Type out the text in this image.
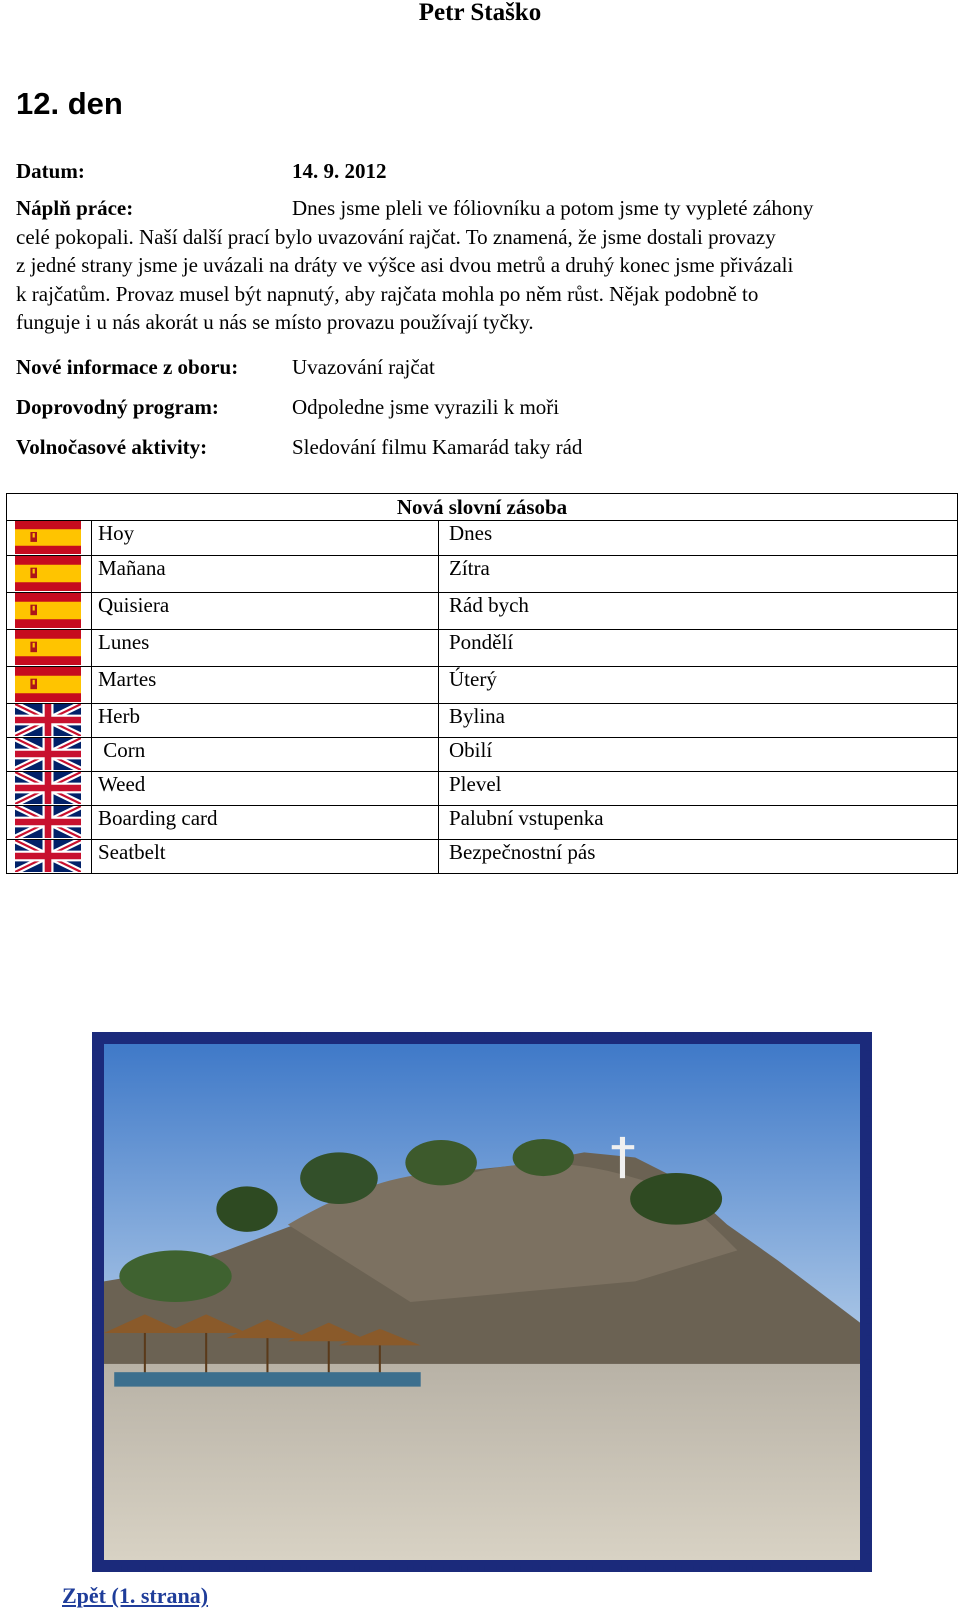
Petr Staško
12. den
Datum:	14. 9. 2012
Náplň práce:	Dnes jsme pleli ve fóliovníku a potom jsme ty vypleté záhony
celé pokopali. Naší další prací bylo uvazování rajčat. To znamená, že jsme dostali provazy
z jedné strany jsme je uvázali na dráty ve výšce asi dvou metrů a druhý konec jsme přivázali
k rajčatům. Provaz musel být napnutý, aby rajčata mohla po něm růst. Nějak podobně to
funguje i u nás akorát u nás se místo provazu používají tyčky.
Nové informace z oboru:	Uvazování rajčat
Doprovodný program:	Odpoledne jsme vyrazili k moři
Volnočasové aktivity:	Sledování filmu Kamarád taky rád
Nová slovní zásoba		

	Hoy	Dnes

	Mañana	Zítra

	Quisiera	Rád bych

	Lunes	Pondělí

	Martes	Úterý

	Herb	Bylina

	Corn	Obilí

	Weed	Plevel

	Boarding card	Palubní vstupenka

	Seatbelt	Bezpečnostní pás
Zpět (1. strana)
